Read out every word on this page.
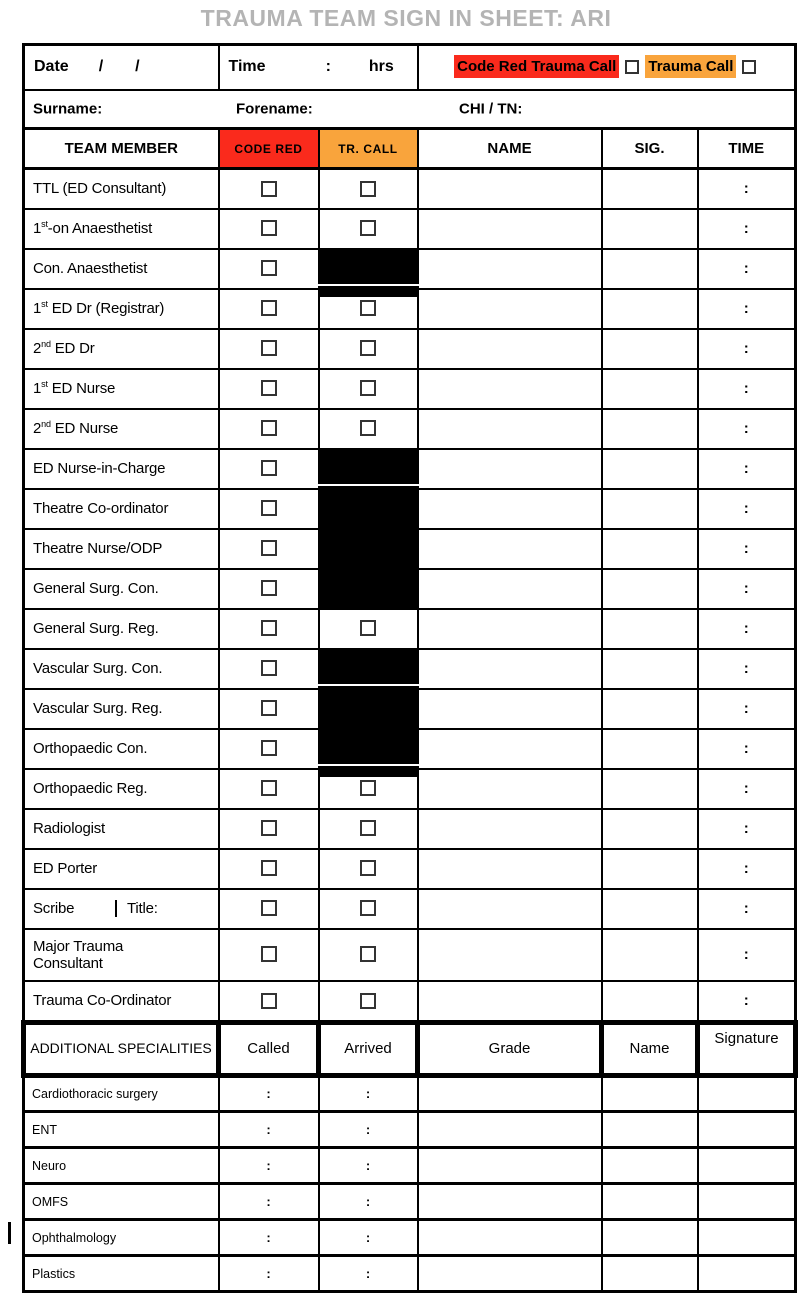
TRAUMA TEAM SIGN IN SHEET: ARI
Date / /	Time : hrs		Code Red Trauma Call Trauma Call		

Surname: Forename: CHI / TN:					

TEAM MEMBER	CODE RED	TR. CALL	NAME	SIG.	TIME
TTL (ED Consultant)					:
1st-on Anaesthetist					:
Con. Anaesthetist					:
1st ED Dr (Registrar)					:
2nd ED Dr					:
1st ED Nurse					:
2nd ED Nurse					:
ED Nurse-in-Charge					:
Theatre Co-ordinator					:
Theatre Nurse/ODP					:
General Surg. Con.					:
General Surg. Reg.					:
Vascular Surg. Con.					:
Vascular Surg. Reg.					:
Orthopaedic Con.					:
Orthopaedic Reg.					:
Radiologist					:
ED Porter					:

Scribe Title:					:
Major Trauma
Consultant					:
Trauma Co-Ordinator					:
ADDITIONAL SPECIALITIES	Called	Arrived	Grade	Name	Signature
Cardiothoracic surgery	:	:			
ENT	:	:			
Neuro	:	:			
OMFS	:	:			
Ophthalmology	:	:			
Plastics	:	:			
